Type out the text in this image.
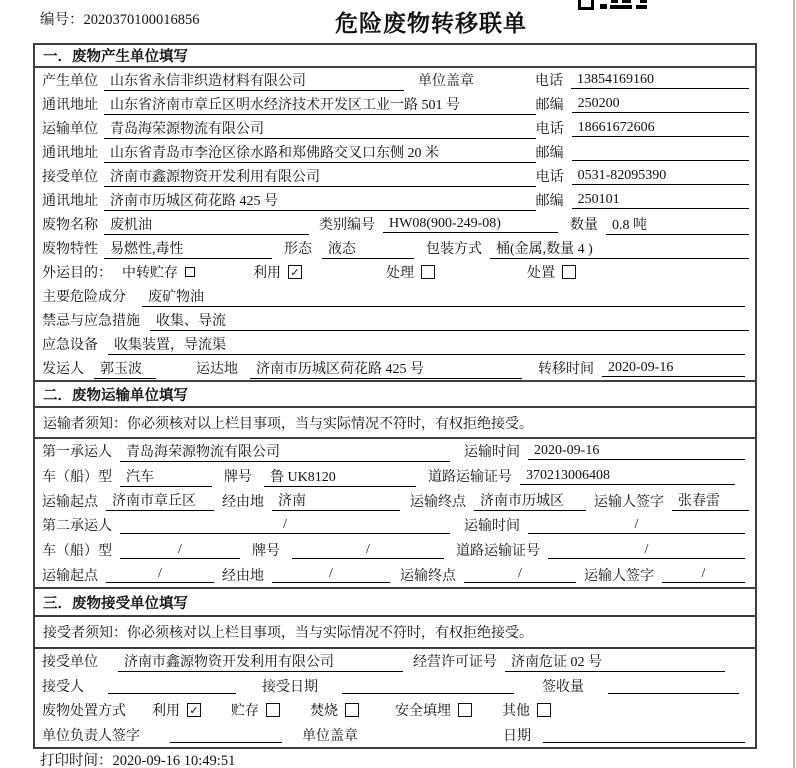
编号：2020370100016856	危险废物转移联单
一．废物产生单位填写
产生单位 山东省永信非织造材料有限公司	单位盖章	电话	13854169160
通讯地址 山东省济南市章丘区明水经济技术开发区工业一路 501 号	邮编	250200
运输单位 青岛海荣源物流有限公司	电话	18661672606
通讯地址 山东省青岛市李沧区徐水路和郑佛路交叉口东侧 20 米	邮编
接受单位 济南市鑫源物资开发利用有限公司	电话	0531-82095390
通讯地址 济南市历城区荷花路 425 号	邮编	250101
废物名称 废机油	类别编号	HW08(900-249-08)	数量	0.8 吨
废物特性 易燃性,毒性	形态	液态	包装方式	桶(金属,数量 4 )
外运目的： 中转贮存	利用 ✓	处理	处置
主要危险成分	废矿物油
禁忌与应急措施	收集、导流
应急设备	收集装置，导流渠
发运人	郭玉波	运达地	济南市历城区荷花路 425 号	转移时间	2020-09-16
二．废物运输单位填写
运输者须知： 你必须核对以上栏目事项，当与实际情况不符时，有权拒绝接受。
第一承运人	青岛海荣源物流有限公司	运输时间	2020-09-16
车（船）型	汽车	牌号	鲁 UK8120	道路运输证号	370213006408
运输起点	济南市章丘区	经由地	济南	运输终点	济南市历城区	运输人签字	张春雷
第二承运人	/	运输时间	/
车（船）型	/	牌号	/	道路运输证号	/
运输起点	/	经由地	/	运输终点	/	运输人签字	/
三．废物接受单位填写
接受者须知： 你必须核对以上栏目事项，当与实际情况不符时，有权拒绝接受。
接受单位	济南市鑫源物资开发利用有限公司	经营许可证号	济南危证 02 号
接受人	接受日期	签收量
废物处置方式 利用 ✓ 贮存	焚烧	安全填埋	其他
单位负责人签字	单位盖章	日期
打印时间：2020-09-16 10:49:51
